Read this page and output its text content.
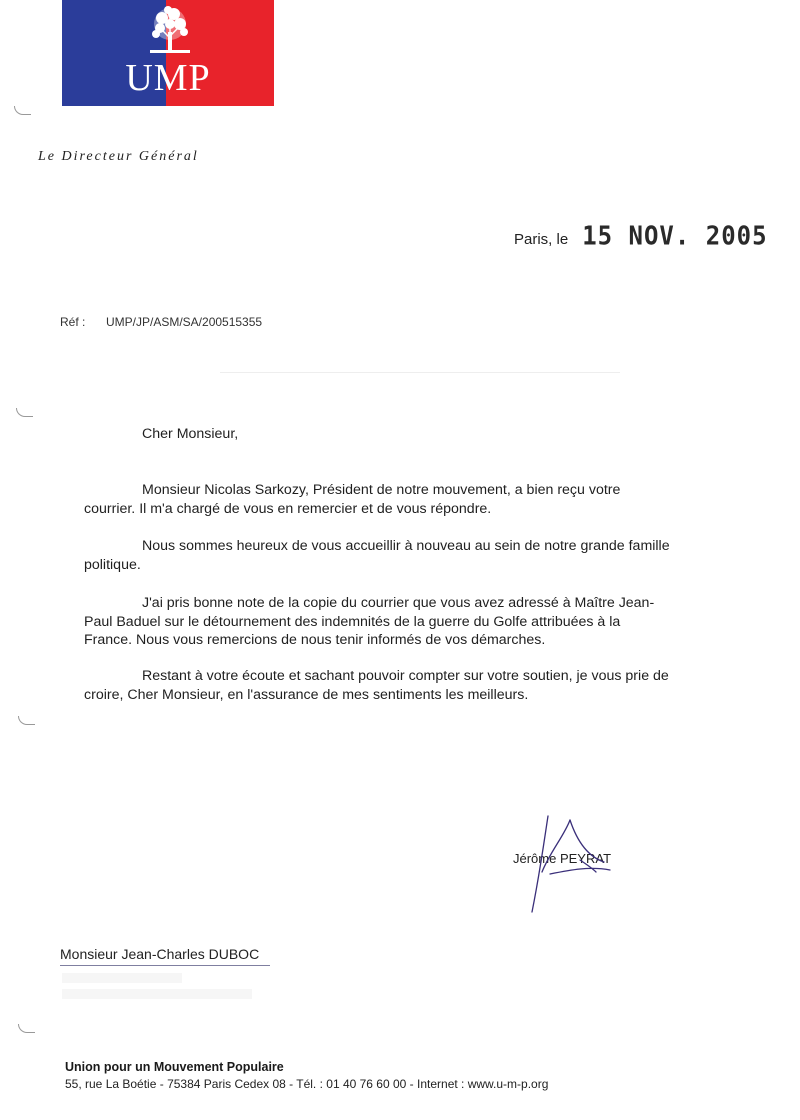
UMP
Le Directeur Général
Paris, le 15 NOV. 2005
Réf :	UMP/JP/ASM/SA/200515355
Cher Monsieur,
Monsieur Nicolas Sarkozy, Président de notre mouvement, a bien reçu votre courrier. Il m'a chargé de vous en remercier et de vous répondre.
Nous sommes heureux de vous accueillir à nouveau au sein de notre grande famille politique.
J'ai pris bonne note de la copie du courrier que vous avez adressé à Maître Jean-Paul Baduel sur le détournement des indemnités de la guerre du Golfe attribuées à la France. Nous vous remercions de nous tenir informés de vos démarches.
Restant à votre écoute et sachant pouvoir compter sur votre soutien, je vous prie de croire, Cher Monsieur, en l'assurance de mes sentiments les meilleurs.
Jérôme PEYRAT
Monsieur Jean-Charles DUBOC
Union pour un Mouvement Populaire
55, rue La Boétie - 75384 Paris Cedex 08 - Tél. : 01 40 76 60 00 - Internet : www.u-m-p.org
